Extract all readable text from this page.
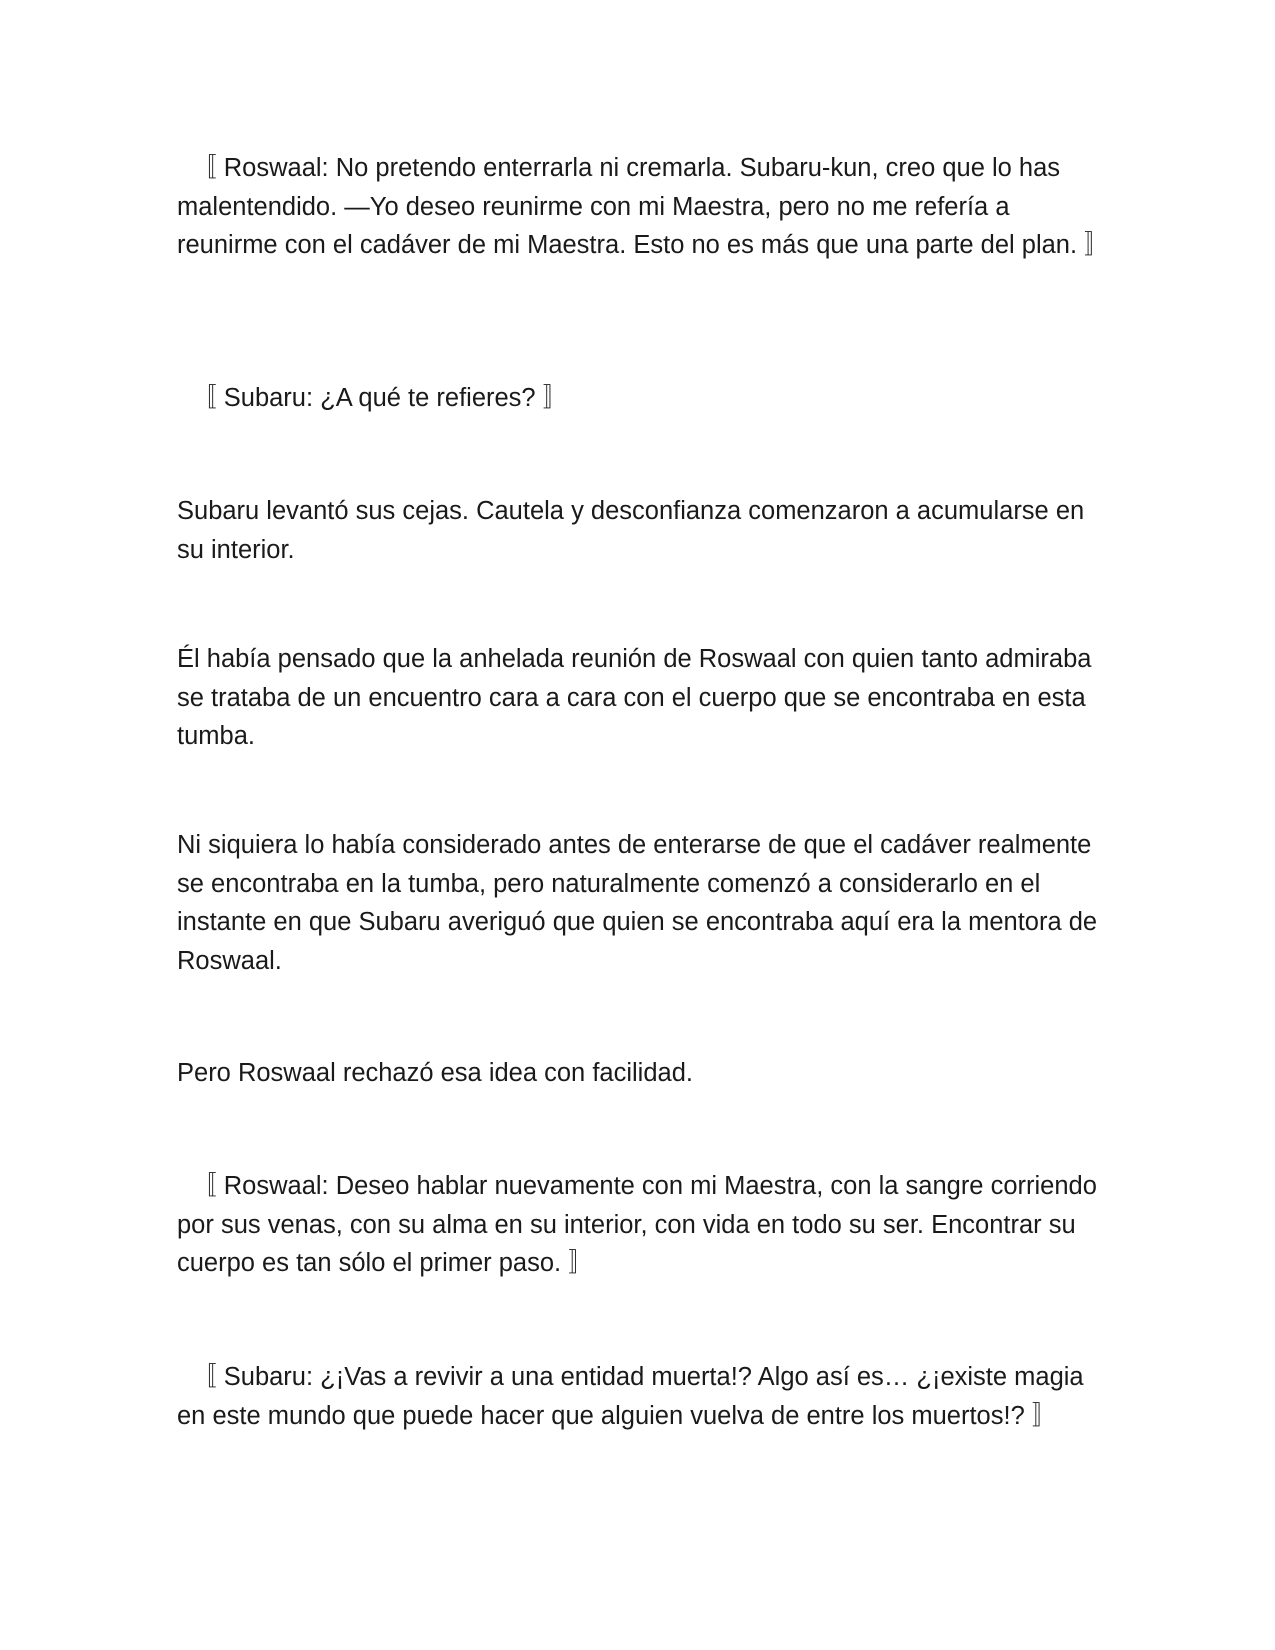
〚 Roswaal: No pretendo enterrarla ni cremarla. Subaru-kun, creo que lo has malentendido. —Yo deseo reunirme con mi Maestra, pero no me refería a reunirme con el cadáver de mi Maestra. Esto no es más que una parte del plan. 〛

〚 Subaru: ¿A qué te refieres? 〛

Subaru levantó sus cejas. Cautela y desconfianza comenzaron a acumularse en su interior.

Él había pensado que la anhelada reunión de Roswaal con quien tanto admiraba se trataba de un encuentro cara a cara con el cuerpo que se encontraba en esta tumba.

Ni siquiera lo había considerado antes de enterarse de que el cadáver realmente se encontraba en la tumba, pero naturalmente comenzó a considerarlo en el instante en que Subaru averiguó que quien se encontraba aquí era la mentora de Roswaal.

Pero Roswaal rechazó esa idea con facilidad.

〚 Roswaal: Deseo hablar nuevamente con mi Maestra, con la sangre corriendo por sus venas, con su alma en su interior, con vida en todo su ser. Encontrar su cuerpo es tan sólo el primer paso. 〛

〚 Subaru: ¿¡Vas a revivir a una entidad muerta!? Algo así es… ¿¡existe magia en este mundo que puede hacer que alguien vuelva de entre los muertos!? 〛
